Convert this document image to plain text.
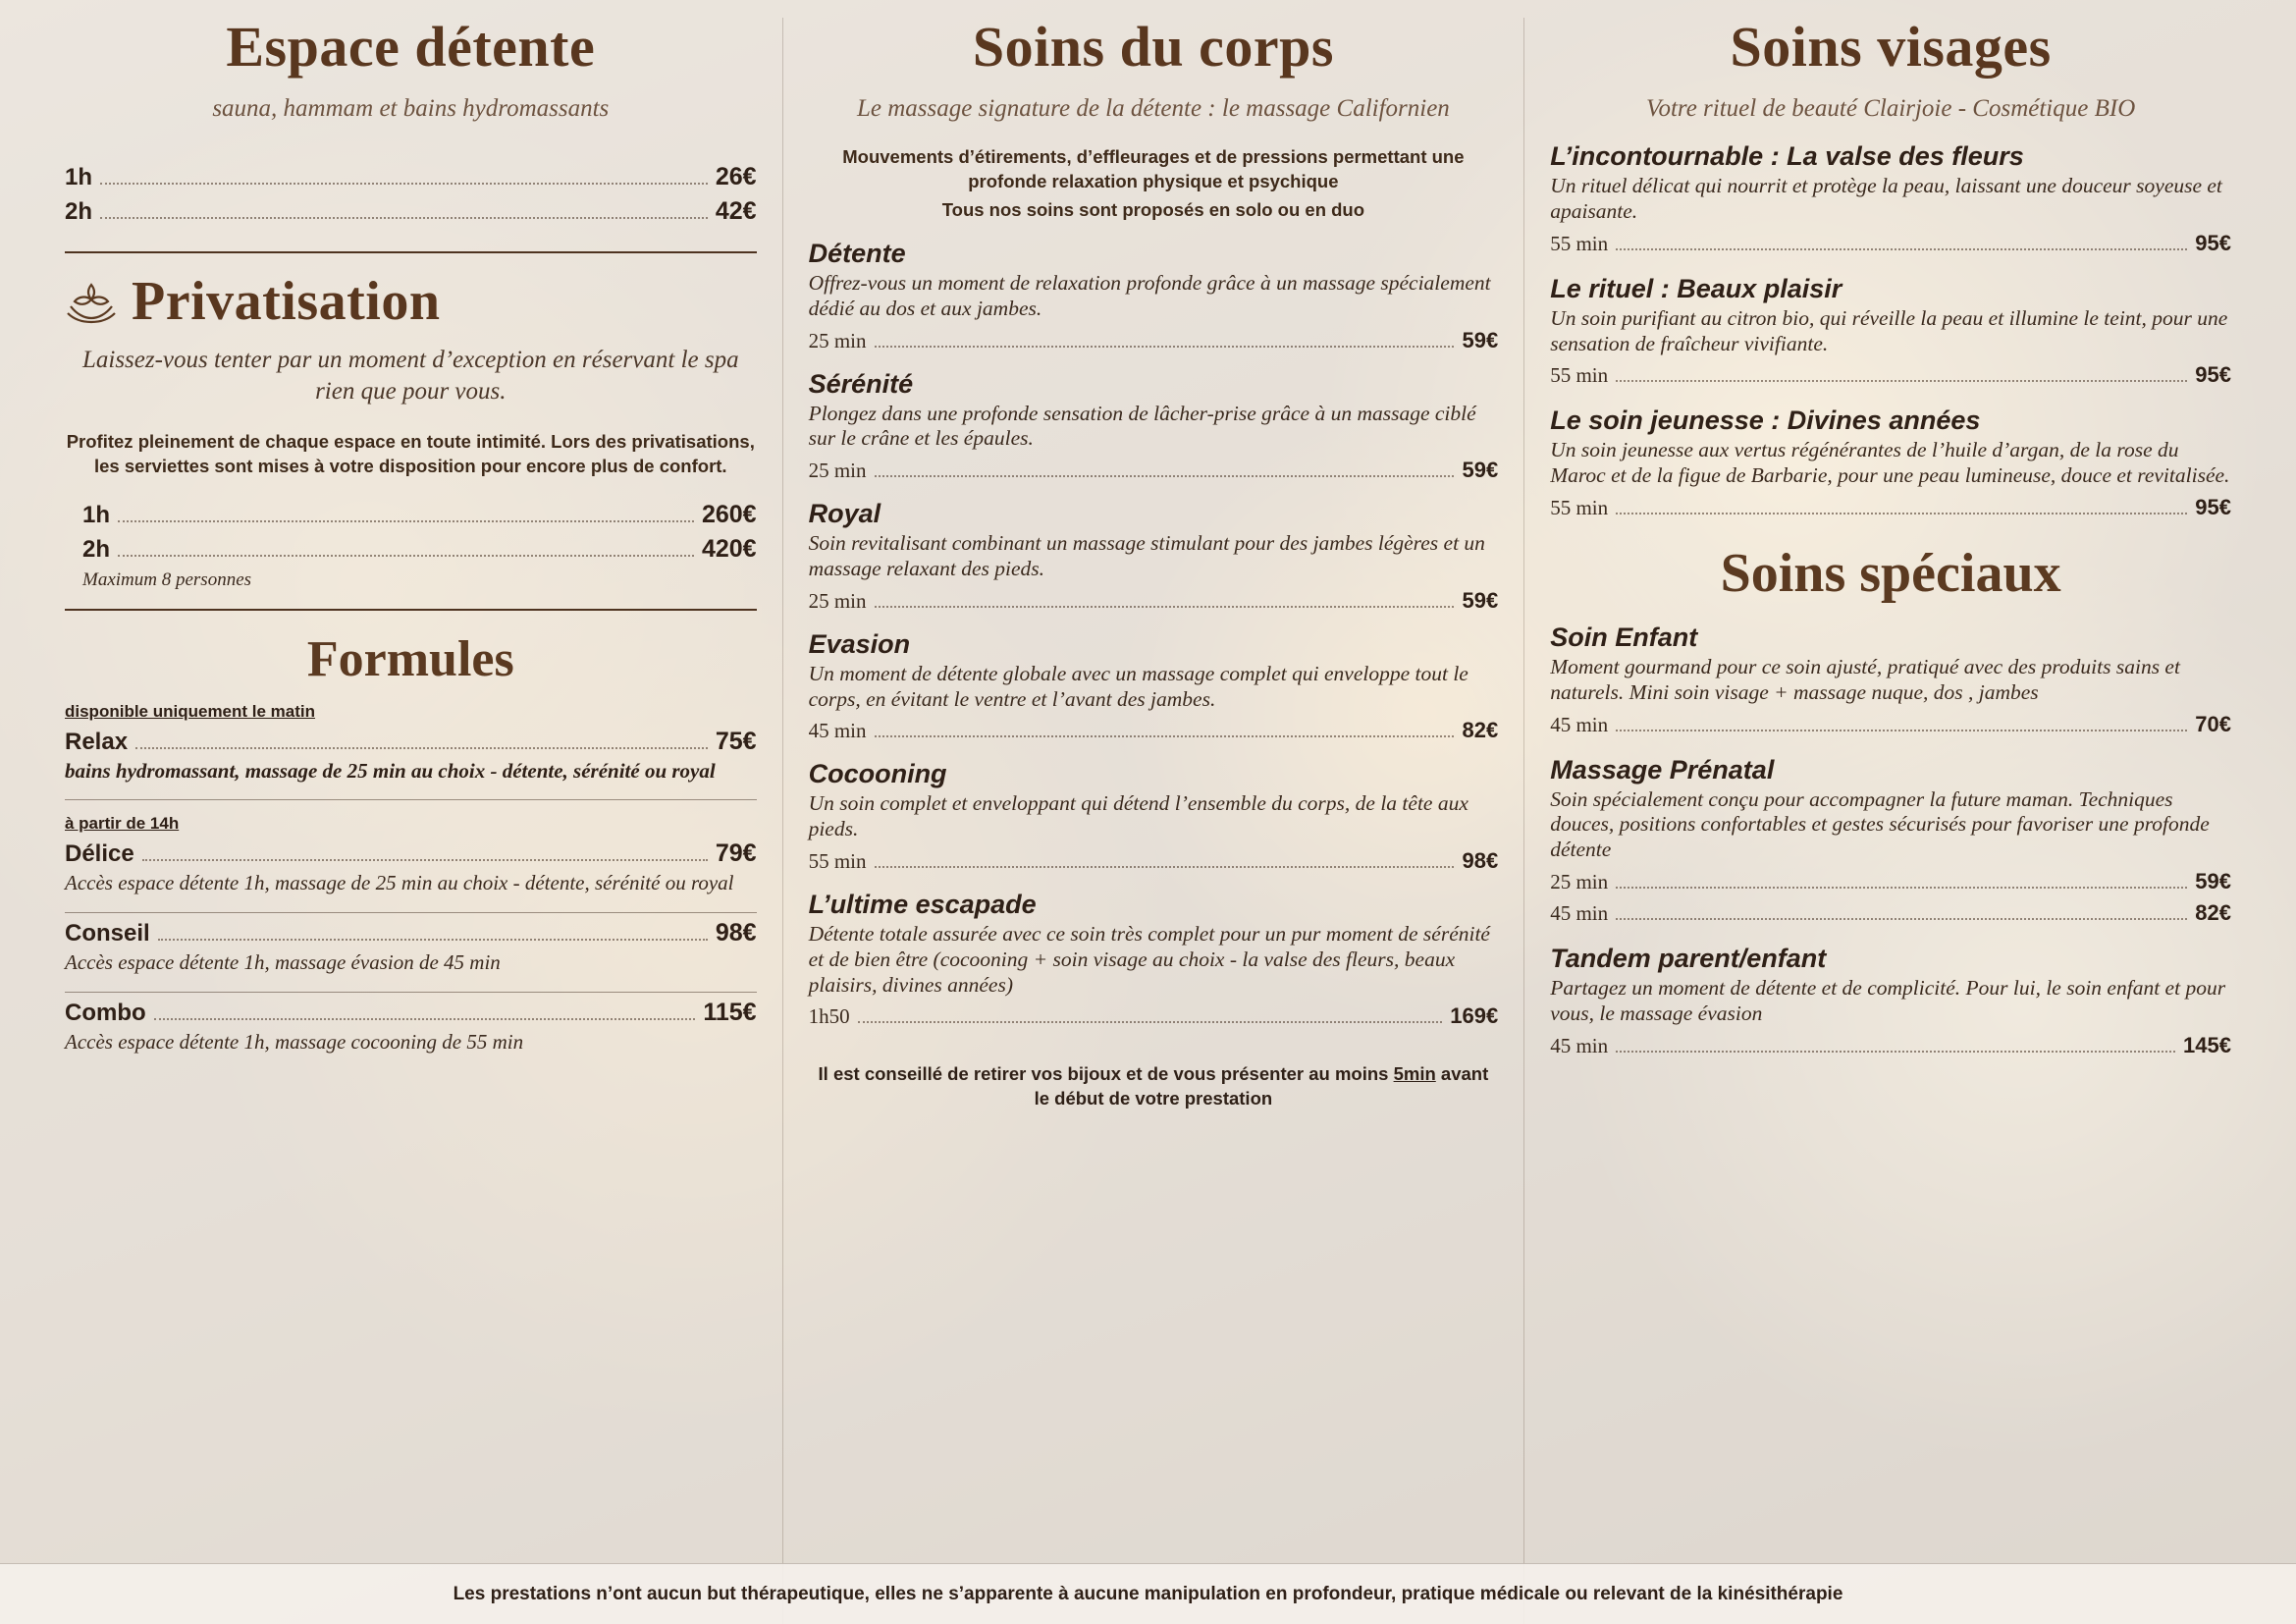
Espace détente
sauna, hammam et bains hydromassants
1h	26€
2h	42€
Privatisation
Laissez-vous tenter par un moment d’exception en réservant le spa rien que pour vous.
Profitez pleinement de chaque espace en toute intimité. Lors des privatisations, les serviettes sont mises à votre disposition pour encore plus de confort.
1h	260€
2h	420€
Maximum 8 personnes
Formules
disponible uniquement le matin
Relax	75€
bains hydromassant, massage de 25 min au choix - détente, sérénité ou royal
à partir de 14h
Délice	79€
Accès espace détente 1h, massage de 25 min au choix - détente, sérénité ou royal
Conseil	98€
Accès espace détente 1h, massage évasion de 45 min
Combo	115€
Accès espace détente 1h, massage cocooning de 55 min
Soins du corps
Le massage signature de la détente : le massage Californien
Mouvements d’étirements, d’effleurages et de pressions permettant une profonde relaxation physique et psychique
Tous nos soins sont proposés en solo ou en duo
Détente

Offrez-vous un moment de relaxation profonde grâce à un massage spécialement dédié au dos et aux jambes.

25 min	59€
Sérénité

Plongez dans une profonde sensation de lâcher-prise grâce à un massage ciblé sur le crâne et les épaules.

25 min	59€
Royal

Soin revitalisant combinant un massage stimulant pour des jambes légères et un massage relaxant des pieds.

25 min	59€
Evasion

Un moment de détente globale avec un massage complet qui enveloppe tout le corps, en évitant le ventre et l’avant des jambes.

45 min	82€
Cocooning

Un soin complet et enveloppant qui détend l’ensemble du corps, de la tête aux pieds.

55 min	98€
L’ultime escapade

Détente totale assurée avec ce soin très complet pour un pur moment de sérénité et de bien être (cocooning + soin visage au choix - la valse des fleurs, beaux plaisirs, divines années)

1h50	169€
Il est conseillé de retirer vos bijoux et de vous présenter au moins 5min avant le début de votre prestation
Soins visages
Votre rituel de beauté Clairjoie - Cosmétique BIO
L’incontournable : La valse des fleurs

Un rituel délicat qui nourrit et protège la peau, laissant une douceur soyeuse et apaisante.

55 min	95€
Le rituel : Beaux plaisir

Un soin purifiant au citron bio, qui réveille la peau et illumine le teint, pour une sensation de fraîcheur vivifiante.

55 min	95€
Le soin jeunesse : Divines années

Un soin jeunesse aux vertus régénérantes de l’huile d’argan, de la rose du Maroc et de la figue de Barbarie, pour une peau lumineuse, douce et revitalisée.

55 min	95€
Soins spéciaux
Soin Enfant

Moment gourmand pour ce soin ajusté, pratiqué avec des produits sains et naturels. Mini soin visage + massage nuque, dos , jambes

45 min	70€
Massage Prénatal

Soin spécialement conçu pour accompagner la future maman. Techniques douces, positions confortables et gestes sécurisés pour favoriser une profonde détente

25 min	59€
45 min	82€
Tandem parent/enfant

Partagez un moment de détente et de complicité. Pour lui, le soin enfant et pour vous, le massage évasion

45 min	145€
Les prestations n’ont aucun but thérapeutique, elles ne s’apparente à aucune manipulation en profondeur, pratique médicale ou relevant de la kinésithérapie
